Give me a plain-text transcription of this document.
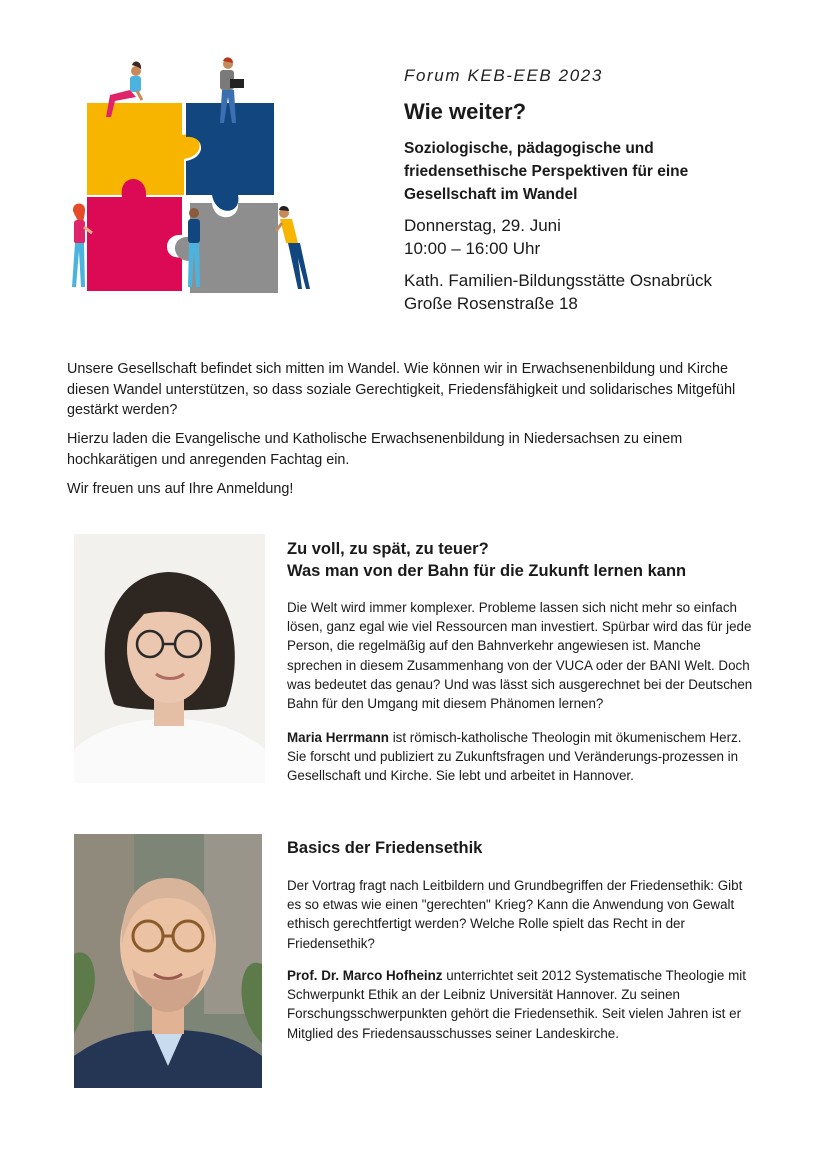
Forum KEB-EEB 2023
Wie weiter?
Soziologische, pädagogische und friedensethische Perspektiven für eine Gesellschaft im Wandel
Donnerstag, 29. Juni
10:00 – 16:00 Uhr
Kath. Familien-Bildungsstätte Osnabrück
Große Rosenstraße 18
Unsere Gesellschaft befindet sich mitten im Wandel. Wie können wir in Erwachsenenbildung und Kirche diesen Wandel unterstützen, so dass soziale Gerechtigkeit, Friedensfähigkeit und solidarisches Mitgefühl gestärkt werden?
Hierzu laden die Evangelische und Katholische Erwachsenenbildung in Niedersachsen zu einem hochkarätigen und anregenden Fachtag ein.
Wir freuen uns auf Ihre Anmeldung!
Zu voll, zu spät, zu teuer?
Was man von der Bahn für die Zukunft lernen kann
Die Welt wird immer komplexer. Probleme lassen sich nicht mehr so einfach lösen, ganz egal wie viel Ressourcen man investiert. Spürbar wird das für jede Person, die regelmäßig auf den Bahnverkehr angewiesen ist. Manche sprechen in diesem Zusammenhang von der VUCA oder der BANI Welt. Doch was bedeutet das genau? Und was lässt sich ausgerechnet bei der Deutschen Bahn für den Umgang mit diesem Phänomen lernen?
Maria Herrmann ist römisch-katholische Theologin mit ökumenischem Herz. Sie forscht und publiziert zu Zukunftsfragen und Veränderungs-prozessen in Gesellschaft und Kirche. Sie lebt und arbeitet in Hannover.
Basics der Friedensethik
Der Vortrag fragt nach Leitbildern und Grundbegriffen der Friedensethik: Gibt es so etwas wie einen "gerechten" Krieg? Kann die Anwendung von Gewalt ethisch gerechtfertigt werden? Welche Rolle spielt das Recht in der Friedensethik?
Prof. Dr. Marco Hofheinz unterrichtet seit 2012 Systematische Theologie mit Schwerpunkt Ethik an der Leibniz Universität Hannover. Zu seinen Forschungsschwerpunkten gehört die Friedensethik. Seit vielen Jahren ist er Mitglied des Friedensausschusses seiner Landeskirche.
